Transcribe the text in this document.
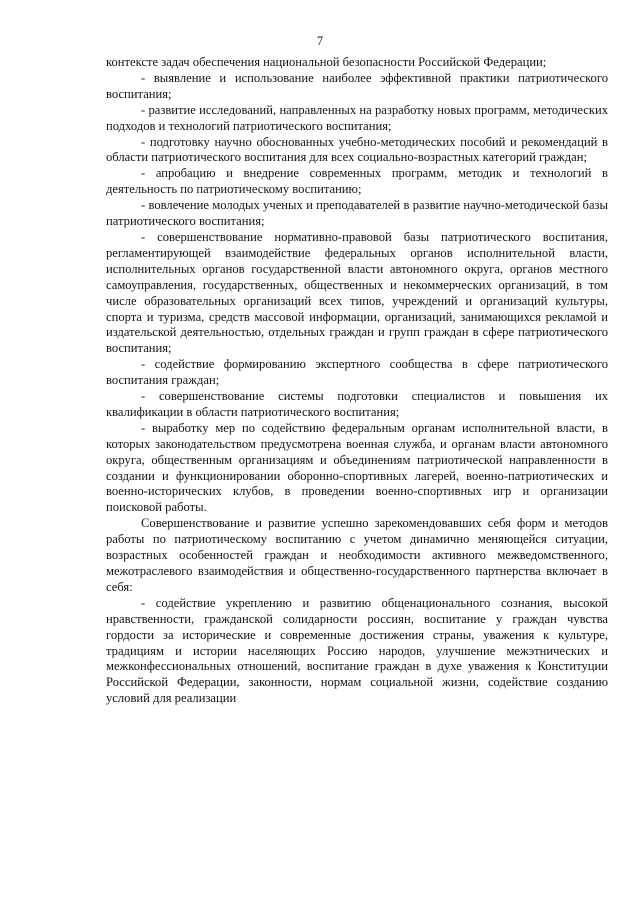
7

контексте задач обеспечения национальной безопасности Российской Федерации;

- выявление и использование наиболее эффективной практики патриотического воспитания;

- развитие исследований, направленных на разработку новых программ, методических подходов и технологий патриотического воспитания;

- подготовку научно обоснованных учебно-методических пособий и рекомендаций в области патриотического воспитания для всех социально-возрастных категорий граждан;

- апробацию и внедрение современных программ, методик и технологий в деятельность по патриотическому воспитанию;

- вовлечение молодых ученых и преподавателей в развитие научно-методической базы патриотического воспитания;

- совершенствование нормативно-правовой базы патриотического воспитания, регламентирующей взаимодействие федеральных органов исполнительной власти, исполнительных органов государственной власти автономного округа, органов местного самоуправления, государственных, общественных и некоммерческих организаций, в том числе образовательных организаций всех типов, учреждений и организаций культуры, спорта и туризма, средств массовой информации, организаций, занимающихся рекламой и издательской деятельностью, отдельных граждан и групп граждан в сфере патриотического воспитания;

- содействие формированию экспертного сообщества в сфере патриотического воспитания граждан;

- совершенствование системы подготовки специалистов и повышения их квалификации в области патриотического воспитания;

- выработку мер по содействию федеральным органам исполнительной власти, в которых законодательством предусмотрена военная служба, и органам власти автономного округа, общественным организациям и объединениям патриотической направленности в создании и функционировании оборонно-спортивных лагерей, военно-патриотических и военно-исторических клубов, в проведении военно-спортивных игр и организации поисковой работы.

Совершенствование и развитие успешно зарекомендовавших себя форм и методов работы по патриотическому воспитанию с учетом динамично меняющейся ситуации, возрастных особенностей граждан и необходимости активного межведомственного, межотраслевого взаимодействия и общественно-государственного партнерства включает в себя:

- содействие укреплению и развитию общенационального сознания, высокой нравственности, гражданской солидарности россиян, воспитание у граждан чувства гордости за исторические и современные достижения страны, уважения к культуре, традициям и истории населяющих Россию народов, улучшение межэтнических и межконфессиональных отношений, воспитание граждан в духе уважения к Конституции Российской Федерации, законности, нормам социальной жизни, содействие созданию условий для реализации
